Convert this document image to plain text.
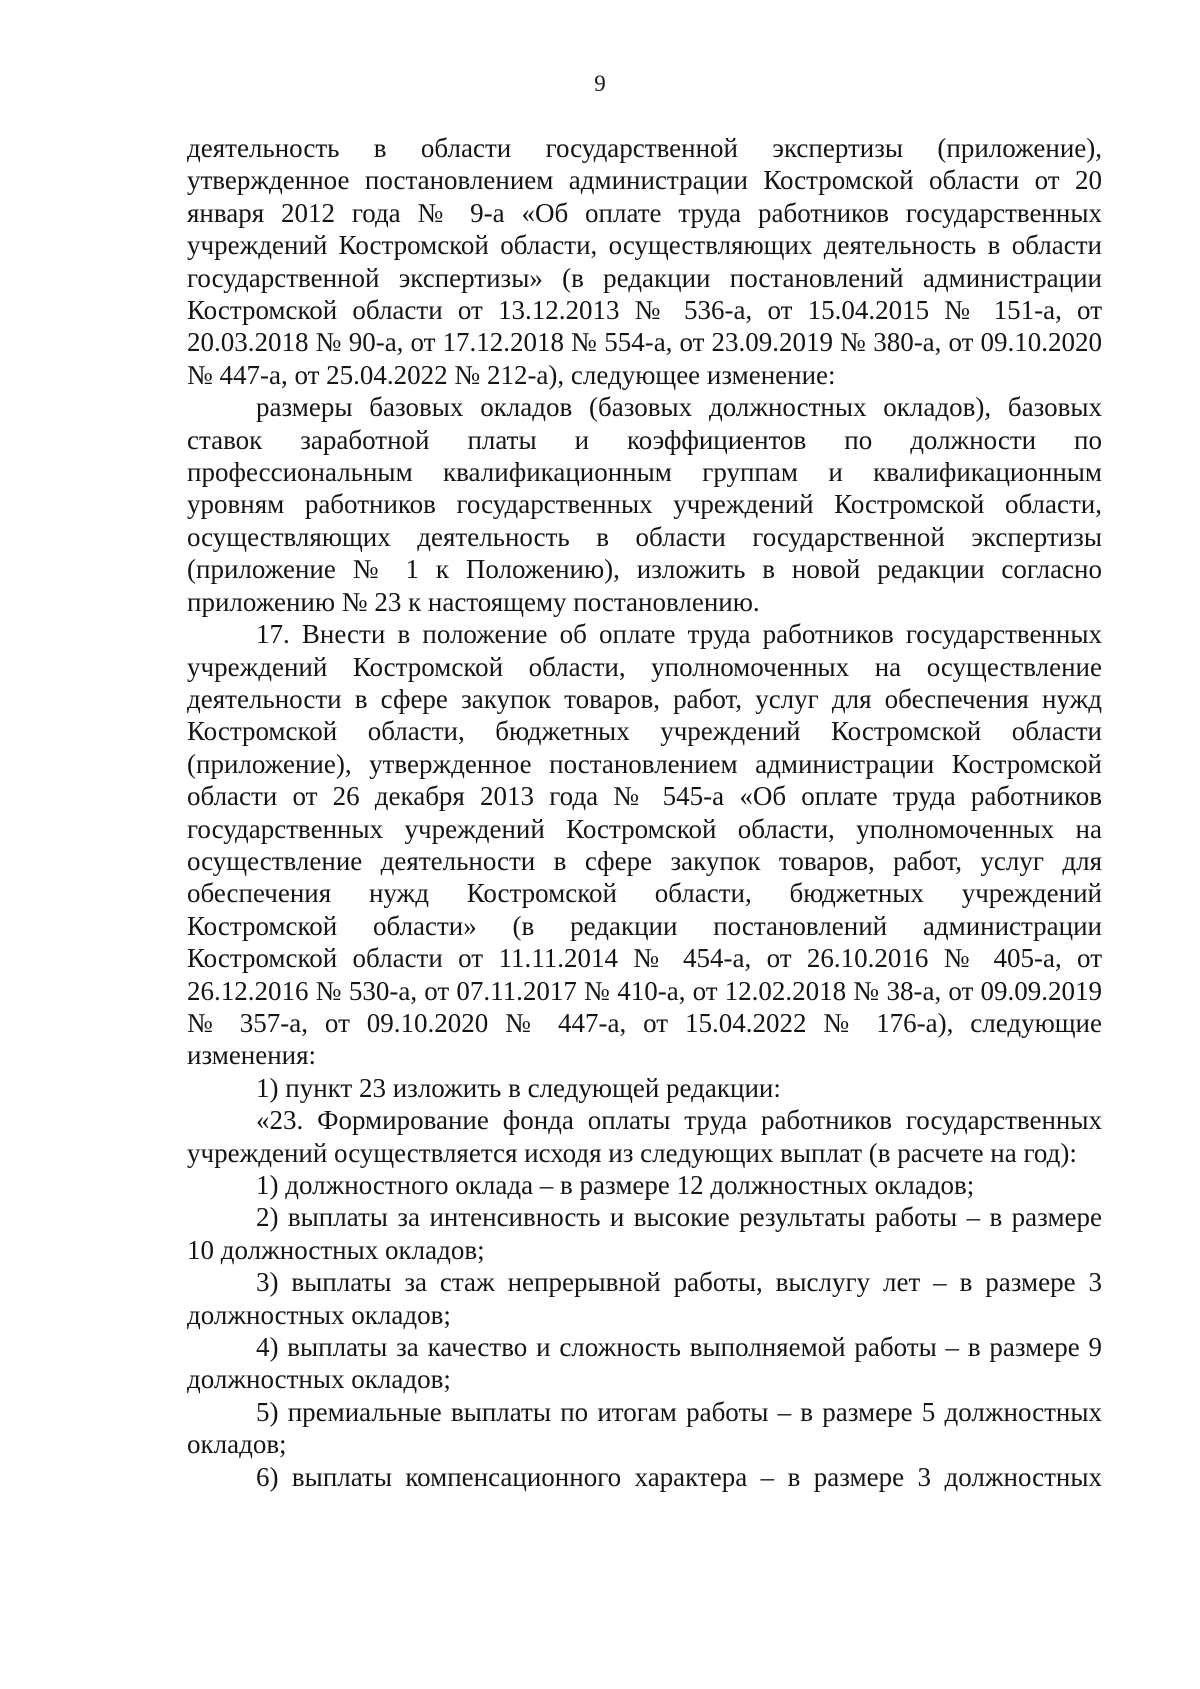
9

деятельность в области государственной экспертизы (приложение), утвержденное постановлением администрации Костромской области от 20 января 2012 года № 9-а «Об оплате труда работников государственных учреждений Костромской области, осуществляющих деятельность в области государственной экспертизы» (в редакции постановлений администрации Костромской области от 13.12.2013 № 536-а, от 15.04.2015 № 151-а, от 20.03.2018 № 90-а, от 17.12.2018 № 554-а, от 23.09.2019 № 380-а, от 09.10.2020 № 447-а, от 25.04.2022 № 212-а), следующее изменение:

размеры базовых окладов (базовых должностных окладов), базовых ставок заработной платы и коэффициентов по должности по профессиональным квалификационным группам и квалификационным уровням работников государственных учреждений Костромской области, осуществляющих деятельность в области государственной экспертизы (приложение № 1 к Положению), изложить в новой редакции согласно приложению № 23 к настоящему постановлению.

17. Внести в положение об оплате труда работников государственных учреждений Костромской области, уполномоченных на осуществление деятельности в сфере закупок товаров, работ, услуг для обеспечения нужд Костромской области, бюджетных учреждений Костромской области (приложение), утвержденное постановлением администрации Костромской области от 26 декабря 2013 года № 545-а «Об оплате труда работников государственных учреждений Костромской области, уполномоченных на осуществление деятельности в сфере закупок товаров, работ, услуг для обеспечения нужд Костромской области, бюджетных учреждений Костромской области» (в редакции постановлений администрации Костромской области от 11.11.2014 № 454-а, от 26.10.2016 № 405-а, от 26.12.2016 № 530-а, от 07.11.2017 № 410-а, от 12.02.2018 № 38-а, от 09.09.2019 № 357-а, от 09.10.2020 № 447-а, от 15.04.2022 № 176-а), следующие изменения:

1) пункт 23 изложить в следующей редакции:

«23. Формирование фонда оплаты труда работников государственных учреждений осуществляется исходя из следующих выплат (в расчете на год):

1) должностного оклада – в размере 12 должностных окладов;

2) выплаты за интенсивность и высокие результаты работы – в размере 10 должностных окладов;

3) выплаты за стаж непрерывной работы, выслугу лет – в размере 3 должностных окладов;

4) выплаты за качество и сложность выполняемой работы – в размере 9 должностных окладов;

5) премиальные выплаты по итогам работы – в размере 5 должностных окладов;

6) выплаты компенсационного характера – в размере 3 должностных
